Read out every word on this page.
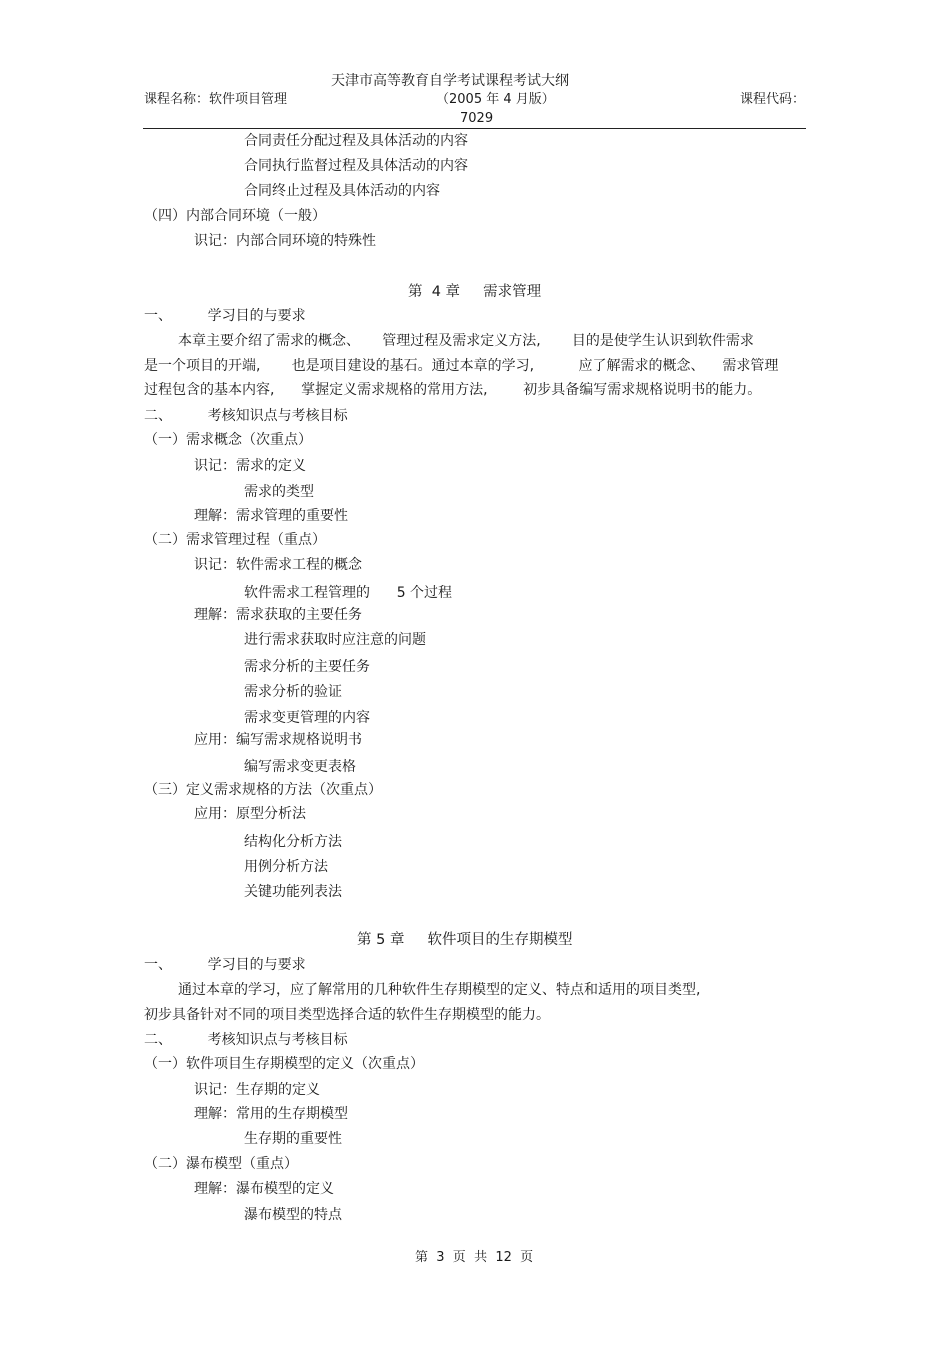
天津市高等教育自学考试课程考试大纲
课程名称：软件项目管理	（2005 年 4 月版）	课程代码：
7029
合同责任分配过程及具体活动的内容
合同执行监督过程及具体活动的内容
合同终止过程及具体活动的内容
（四）内部合同环境（一般）
识记：内部合同环境的特殊性
第  4 章     需求管理
一、        学习目的与要求
本章主要介绍了需求的概念、     管理过程及需求定义方法,       目的是使学生认识到软件需求
是一个项目的开端,       也是项目建设的基石。通过本章的学习,          应了解需求的概念、    需求管理
过程包含的基本内容,      掌握定义需求规格的常用方法,        初步具备编写需求规格说明书的能力。
二、        考核知识点与考核目标
（一）需求概念（次重点）
识记：需求的定义
需求的类型
理解：需求管理的重要性
（二）需求管理过程（重点）
识记：软件需求工程的概念
软件需求工程管理的      5 个过程
理解：需求获取的主要任务
进行需求获取时应注意的问题
需求分析的主要任务
需求分析的验证
需求变更管理的内容
应用：编写需求规格说明书
编写需求变更表格
（三）定义需求规格的方法（次重点）
应用：原型分析法
结构化分析方法
用例分析方法
关键功能列表法
第 5 章     软件项目的生存期模型
一、        学习目的与要求
通过本章的学习，应了解常用的几种软件生存期模型的定义、特点和适用的项目类型,
初步具备针对不同的项目类型选择合适的软件生存期模型的能力。
二、        考核知识点与考核目标
（一）软件项目生存期模型的定义（次重点）
识记：生存期的定义
理解：常用的生存期模型
生存期的重要性
（二）瀑布模型（重点）
理解：瀑布模型的定义
瀑布模型的特点
第  3  页  共  12  页
